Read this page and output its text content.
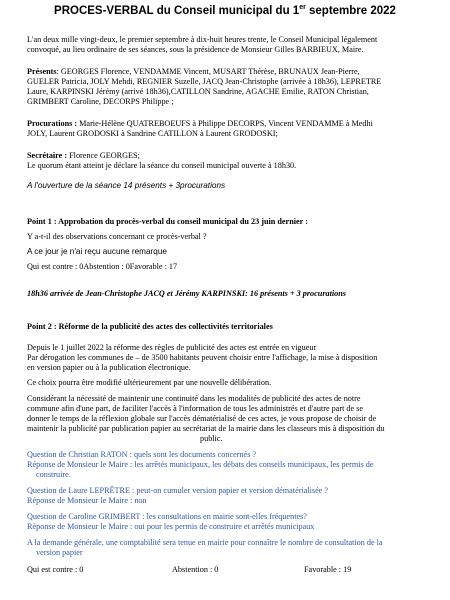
PROCES-VERBAL du Conseil municipal du 1er septembre 2022
L'an deux mille vingt-deux, le premier septembre à dix-huit heures trente, le Conseil Municipal légalement
convoqué, au lieu ordinaire de ses séances, sous la présidence de Monsieur Gilles BARBIEUX, Maire.
Présents: GEORGES Florence, VENDAMME Vincent, MUSART Thérèse, BRUNAUX Jean-Pierre,
GUELER Patricia, JOLY Mehdi, REGNIER Suzelle, JACQ Jean-Christophe (arrivée à 18h36), LEPRETRE
Laure, KARPINSKI Jérémy (arrivé 18h36),CATILLON Sandrine, AGACHE Emilie, RATON Christian,
GRIMBERT Caroline, DECORPS Philippe ;
Procurations : Marie-Hélène QUATREBOEUFS à Philippe DECORPS, Vincent VENDAMME à Medhi
JOLY, Laurent GRODOSKI à Sandrine CATILLON à Laurent GRODOSKI;
Secrétaire : Florence GEORGES;
Le quorum étant atteint je déclare la séance du conseil municipal ouverte à 18h30.
A l'ouverture de la séance 14 présents + 3procurations
Point 1 : Approbation du procès-verbal du conseil municipal du 23 juin dernier :
Y a-t-il des observations concernant ce procès-verbal ?
A ce jour je n'ai reçu aucune remarque
Qui est contre : 0Abstention : 0Favorable : 17
18h36 arrivée de Jean-Christophe JACQ et Jérémy KARPINSKI: 16 présents + 3 procurations
Point 2 : Réforme de la publicité des actes des collectivités territoriales
Depuis le 1 juillet 2022 la réforme des règles de publicité des actes est entrée en vigueur
Par dérogation les communes de – de 3500 habitants peuvent choisir entre l'affichage, la mise à disposition
en version papier ou à la publication électronique.
Ce choix pourra être modifié ultérieurement par une nouvelle délibération.
Considérant la nécessité de maintenir une continuité dans les modalités de publicité des actes de notre
commune afin d'une part, de faciliter l'accès à l'information de tous les administrés et d'autre part de se
donner le temps de la réflexion globale sur l'accès dématérialisé de ces actes, je vous propose de choisir de
maintenir la publicité par publication papier au secrétariat de la mairie dans les classeurs mis à disposition du
public.
Question de Christian RATON : quels sont les documents concernés ?
Réponse de Monsieur le Maire : les arrêtés municipaux, les débats des conseils municipaux, les permis de
construire.
Question de Laure LEPRÊTRE : peut-on cumuler version papier et version dématérialisée ?
Réponse de Monsieur le Maire : non
Question de Caroline GRIMBERT : les consultations en mairie sont-elles fréquentes?
Réponse de Monsieur le Maire : oui pour les permis de construire et arrêtés municipaux
A la demande générale, une comptabilité sera tenue en mairie pour connaître le nombre de consultation de la
version papier
Qui est contre : 0	Abstention : 0	Favorable : 19
